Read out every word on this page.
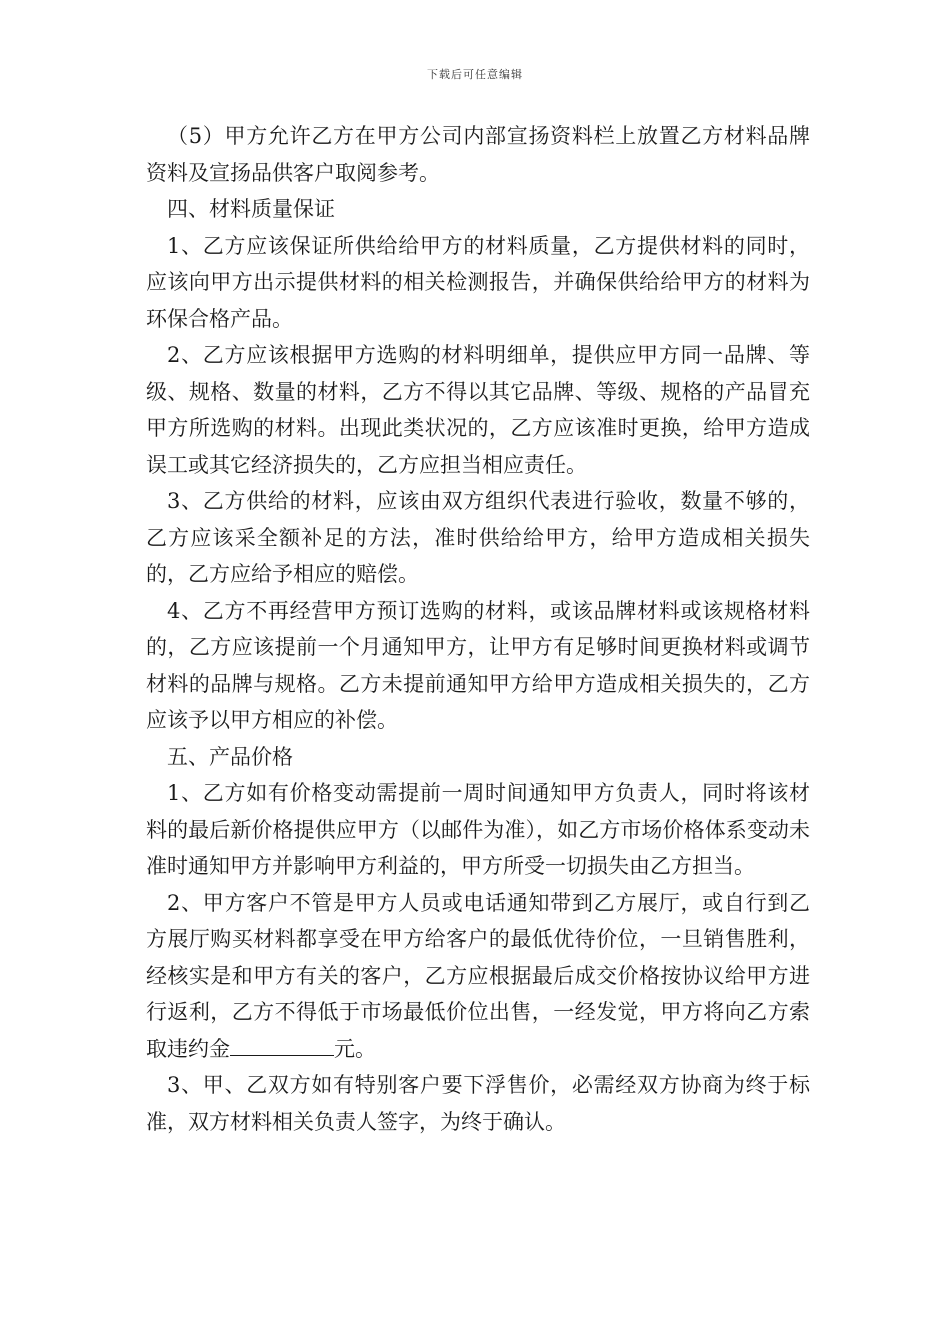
下载后可任意编辑

（5）甲方允许乙方在甲方公司内部宣扬资料栏上放置乙方材料品牌资料及宣扬品供客户取阅参考。

四、材料质量保证

1、乙方应该保证所供给给甲方的材料质量，乙方提供材料的同时，应该向甲方出示提供材料的相关检测报告，并确保供给给甲方的材料为环保合格产品。

2、乙方应该根据甲方选购的材料明细单，提供应甲方同一品牌、等级、规格、数量的材料，乙方不得以其它品牌、等级、规格的产品冒充甲方所选购的材料。出现此类状况的，乙方应该准时更换，给甲方造成误工或其它经济损失的，乙方应担当相应责任。

3、乙方供给的材料，应该由双方组织代表进行验收，数量不够的，乙方应该采全额补足的方法，准时供给给甲方，给甲方造成相关损失的，乙方应给予相应的赔偿。

4、乙方不再经营甲方预订选购的材料，或该品牌材料或该规格材料的，乙方应该提前一个月通知甲方，让甲方有足够时间更换材料或调节材料的品牌与规格。乙方未提前通知甲方给甲方造成相关损失的，乙方应该予以甲方相应的补偿。

五、产品价格

1、乙方如有价格变动需提前一周时间通知甲方负责人，同时将该材料的最后新价格提供应甲方（以邮件为准），如乙方市场价格体系变动未准时通知甲方并影响甲方利益的，甲方所受一切损失由乙方担当。

2、甲方客户不管是甲方人员或电话通知带到乙方展厅，或自行到乙方展厅购买材料都享受在甲方给客户的最低优待价位，一旦销售胜利，经核实是和甲方有关的客户，乙方应根据最后成交价格按协议给甲方进行返利，乙方不得低于市场最低价位出售，一经发觉，甲方将向乙方索取违约金	元。

3、甲、乙双方如有特别客户要下浮售价，必需经双方协商为终于标准，双方材料相关负责人签字，为终于确认。
